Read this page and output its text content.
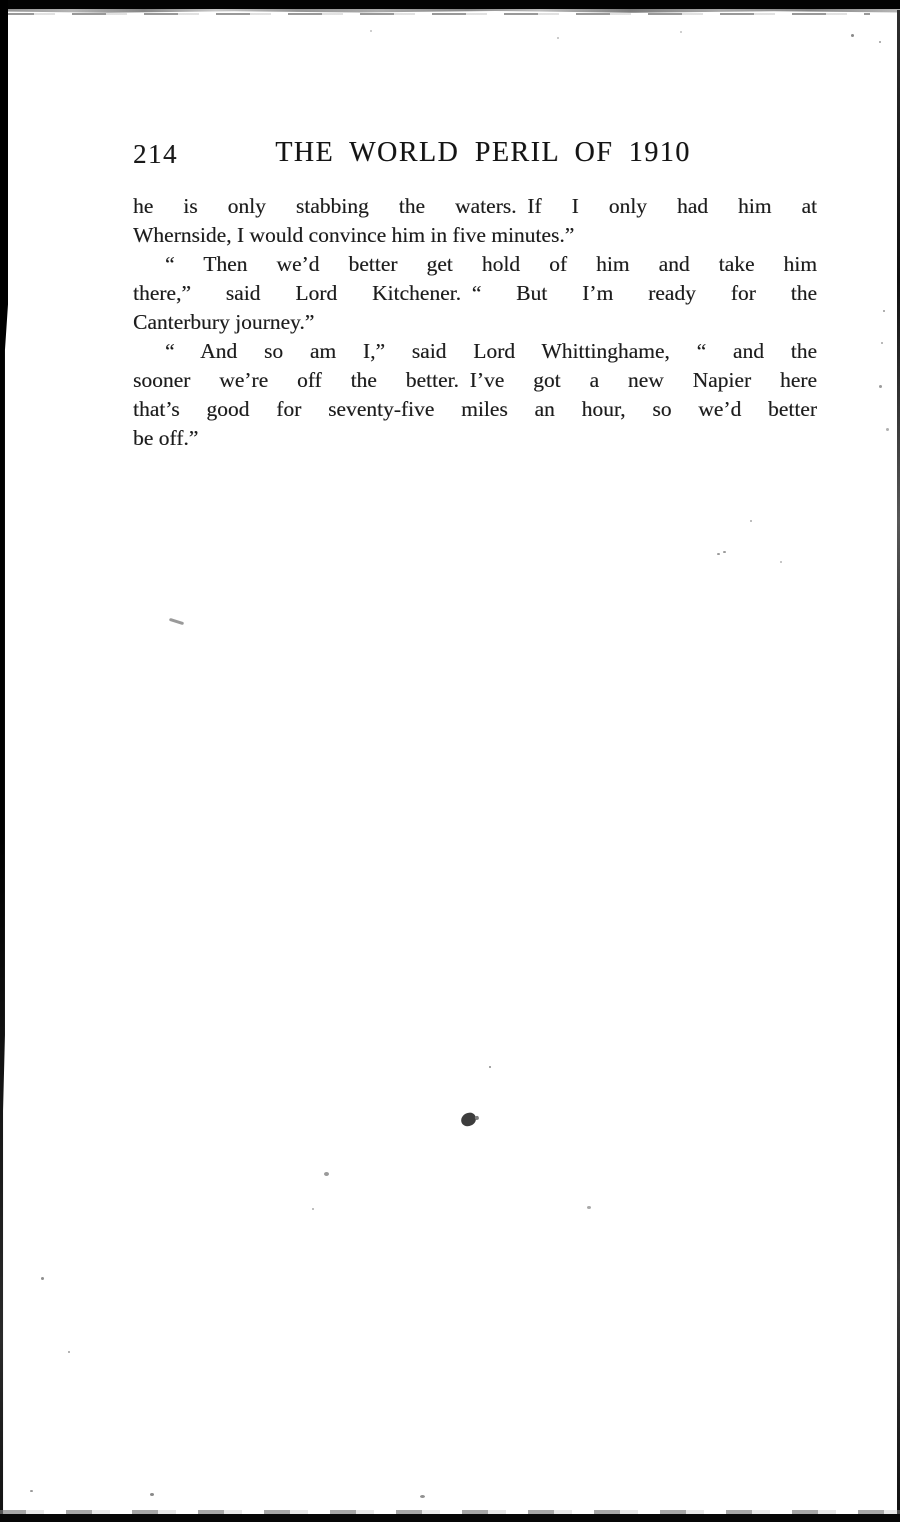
214	THE WORLD PERIL OF 1910
he is only stabbing the waters. If I only had him at
Whernside, I would convince him in five minutes.”
“ Then we’d better get hold of him and take him
there,” said Lord Kitchener. “ But I’m ready for the
Canterbury journey.”
“ And so am I,” said Lord Whittinghame, “ and the
sooner we’re off the better. I’ve got a new Napier here
that’s good for seventy-five miles an hour, so we’d better
be off.”
